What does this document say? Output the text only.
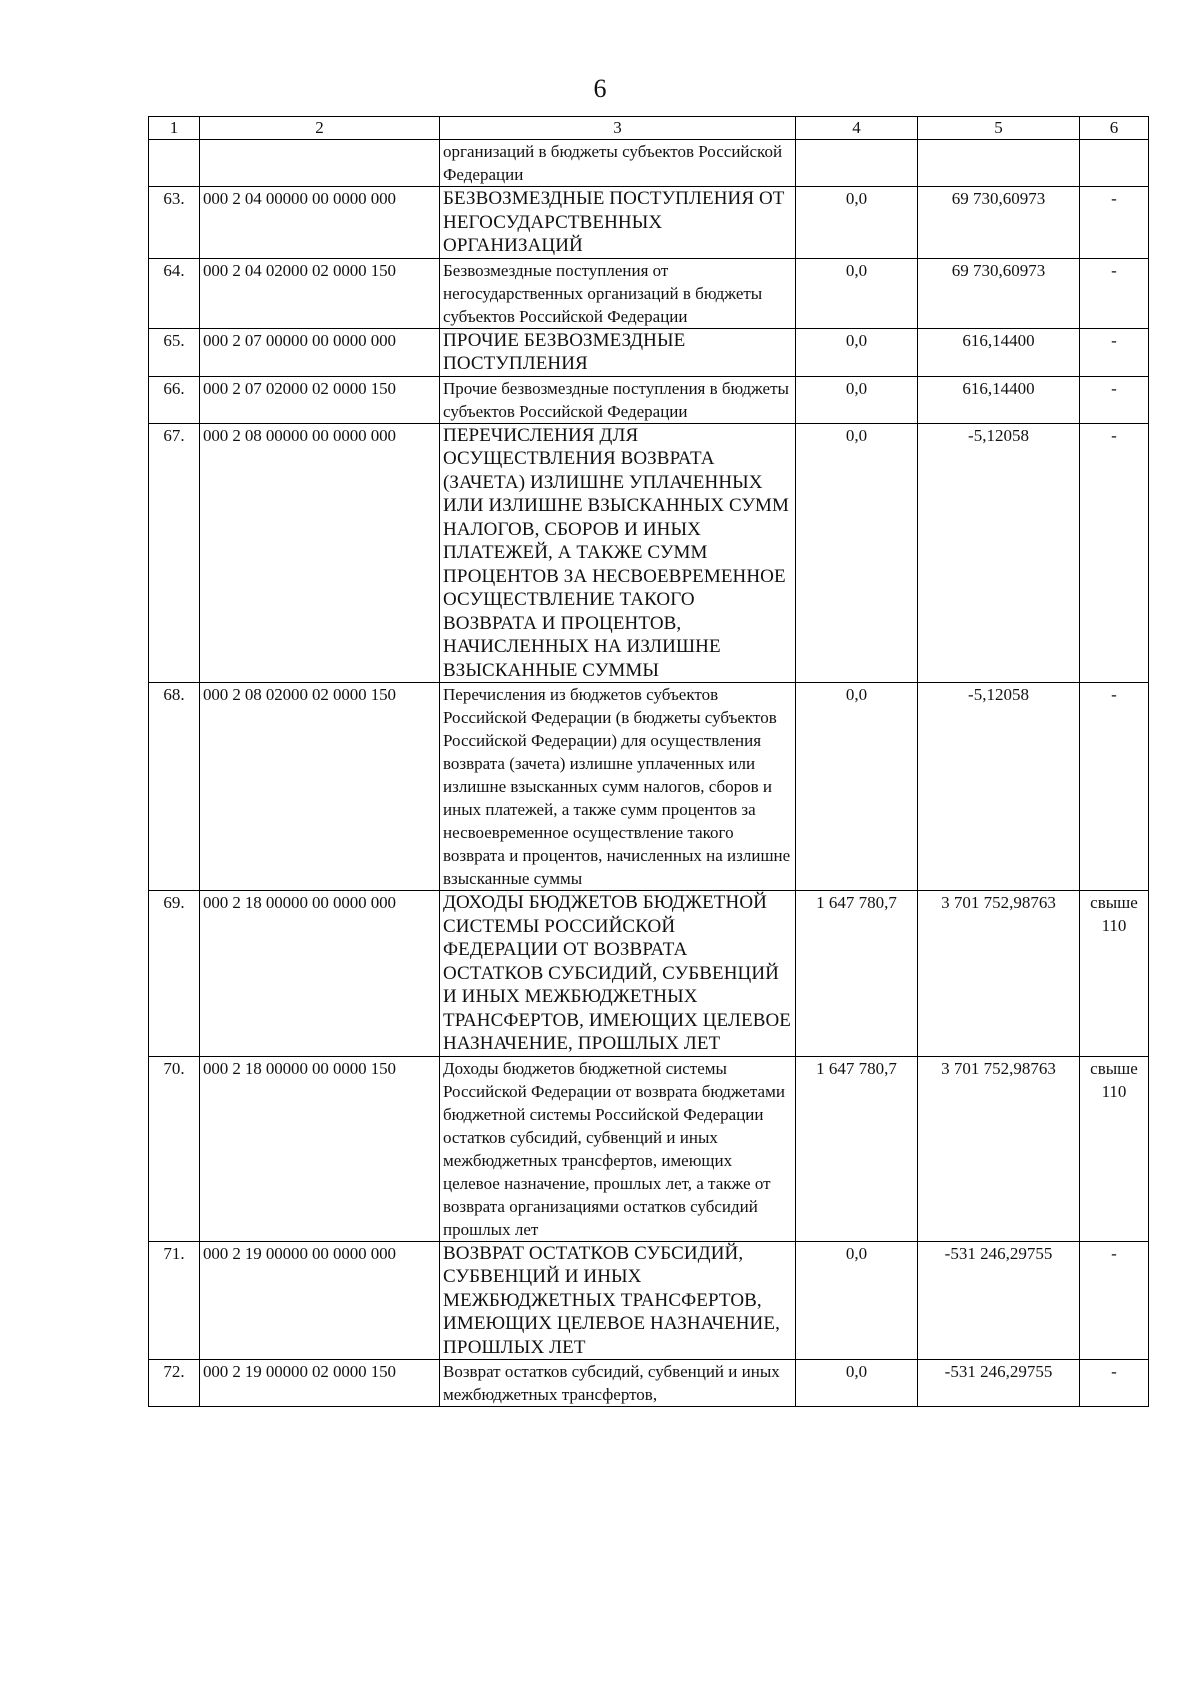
6
1	2	3	4	5	6
		организаций в бюджеты субъектов Российской Федерации			
63.	000 2 04 00000 00 0000 000	БЕЗВОЗМЕЗДНЫЕ ПОСТУПЛЕНИЯ ОТ НЕГОСУДАРСТВЕННЫХ ОРГАНИЗАЦИЙ	0,0	69 730,60973	-
64.	000 2 04 02000 02 0000 150	Безвозмездные поступления от негосударственных организаций в бюджеты субъектов Российской Федерации	0,0	69 730,60973	-
65.	000 2 07 00000 00 0000 000	ПРОЧИЕ БЕЗВОЗМЕЗДНЫЕ ПОСТУПЛЕНИЯ	0,0	616,14400	-
66.	000 2 07 02000 02 0000 150	Прочие безвозмездные поступления в бюджеты субъектов Российской Федерации	0,0	616,14400	-
67.	000 2 08 00000 00 0000 000	ПЕРЕЧИСЛЕНИЯ ДЛЯ ОСУЩЕСТВЛЕНИЯ ВОЗВРАТА (ЗАЧЕТА) ИЗЛИШНЕ УПЛАЧЕННЫХ ИЛИ ИЗЛИШНЕ ВЗЫСКАННЫХ СУММ НАЛОГОВ, СБОРОВ И ИНЫХ ПЛАТЕЖЕЙ, А ТАКЖЕ СУММ ПРОЦЕНТОВ ЗА НЕСВОЕВРЕМЕННОЕ ОСУЩЕСТВЛЕНИЕ ТАКОГО ВОЗВРАТА И ПРОЦЕНТОВ, НАЧИСЛЕННЫХ НА ИЗЛИШНЕ ВЗЫСКАННЫЕ СУММЫ	0,0	-5,12058	-
68.	000 2 08 02000 02 0000 150	Перечисления из бюджетов субъектов Российской Федерации (в бюджеты субъектов Российской Федерации) для осуществления возврата (зачета) излишне уплаченных или излишне взысканных сумм налогов, сборов и иных платежей, а также сумм процентов за несвоевременное осуществление такого возврата и процентов, начисленных на излишне взысканные суммы	0,0	-5,12058	-
69.	000 2 18 00000 00 0000 000	ДОХОДЫ БЮДЖЕТОВ БЮДЖЕТНОЙ СИСТЕМЫ РОССИЙСКОЙ ФЕДЕРАЦИИ ОТ ВОЗВРАТА ОСТАТКОВ СУБСИДИЙ, СУБВЕНЦИЙ И ИНЫХ МЕЖБЮДЖЕТНЫХ ТРАНСФЕРТОВ, ИМЕЮЩИХ ЦЕЛЕВОЕ НАЗНАЧЕНИЕ, ПРОШЛЫХ ЛЕТ	1 647 780,7	3 701 752,98763	свыше 110
70.	000 2 18 00000 00 0000 150	Доходы бюджетов бюджетной системы Российской Федерации от возврата бюджетами бюджетной системы Российской Федерации остатков субсидий, субвенций и иных межбюджетных трансфертов, имеющих целевое назначение, прошлых лет, а также от возврата организациями остатков субсидий прошлых лет	1 647 780,7	3 701 752,98763	свыше 110
71.	000 2 19 00000 00 0000 000	ВОЗВРАТ ОСТАТКОВ СУБСИДИЙ, СУБВЕНЦИЙ И ИНЫХ МЕЖБЮДЖЕТНЫХ ТРАНСФЕРТОВ, ИМЕЮЩИХ ЦЕЛЕВОЕ НАЗНАЧЕНИЕ, ПРОШЛЫХ ЛЕТ	0,0	-531 246,29755	-
72.	000 2 19 00000 02 0000 150	Возврат остатков субсидий, субвенций и иных межбюджетных трансфертов,	0,0	-531 246,29755	-
